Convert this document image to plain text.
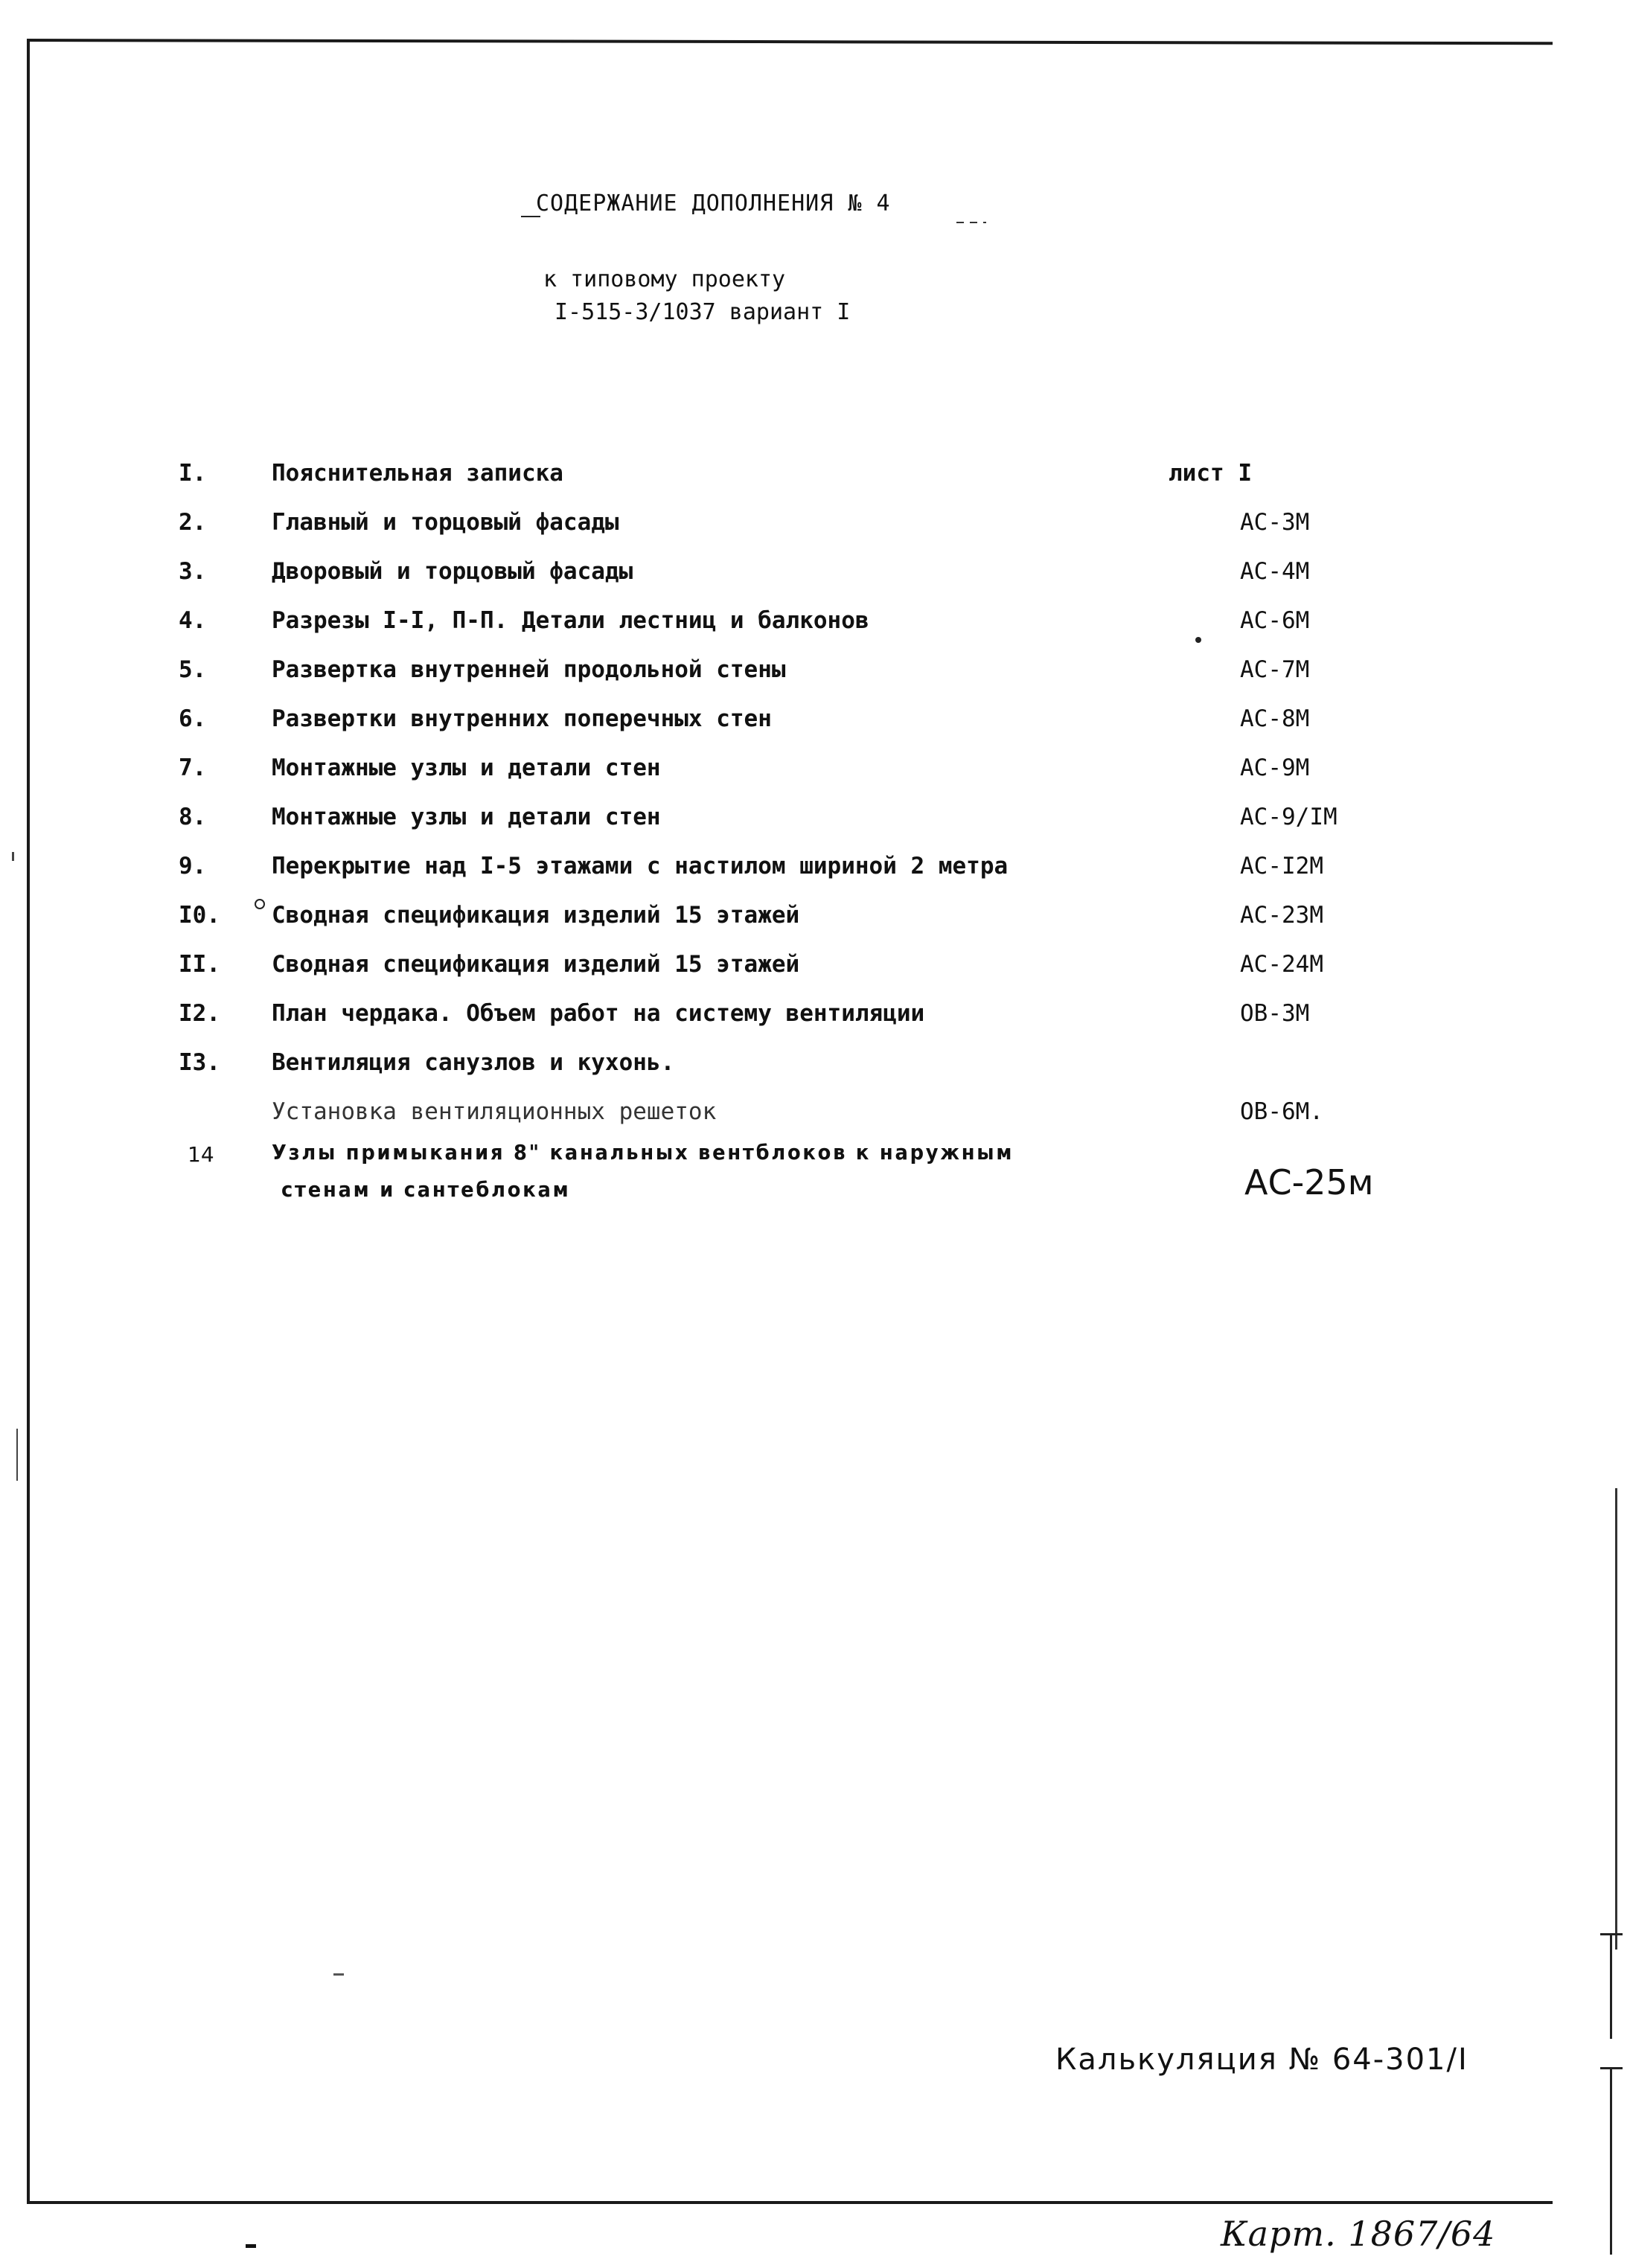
СОДЕРЖАНИЕ ДОПОЛНЕНИЯ № 4
к типовому проекту
I-515-3/1037 вариант I
I.	Пояснительная записка	лист I
2.	Главный и торцовый фасады	АС-3М
3.	Дворовый и торцовый фасады	АС-4М
4.	Разрезы I-I, П-П. Детали лестниц и балконов	АС-6М
5.	Развертка внутренней продольной стены	АС-7М
6.	Развертки внутренних поперечных стен	АС-8М
7.	Монтажные узлы и детали стен	АС-9М
8.	Монтажные узлы и детали стен	АС-9/IМ
9.	Перекрытие над I-5 этажами с настилом шириной 2 метра	АС-I2М
I0. Сводная спецификация изделий 15 этажей	АС-23М
II. Сводная спецификация изделий 15 этажей	АС-24М
I2. План чердака. Объем работ на систему вентиляции	ОВ-3М
I3. Вентиляция санузлов и кухонь.
Установка вентиляционных решеток	ОВ-6М.
14	Узлы примыкания 8" канальных вентблоков к наружным
стенам и сантеблокам	АС-25м
Калькуляция № 64-301/I
Карт. 1867/64
